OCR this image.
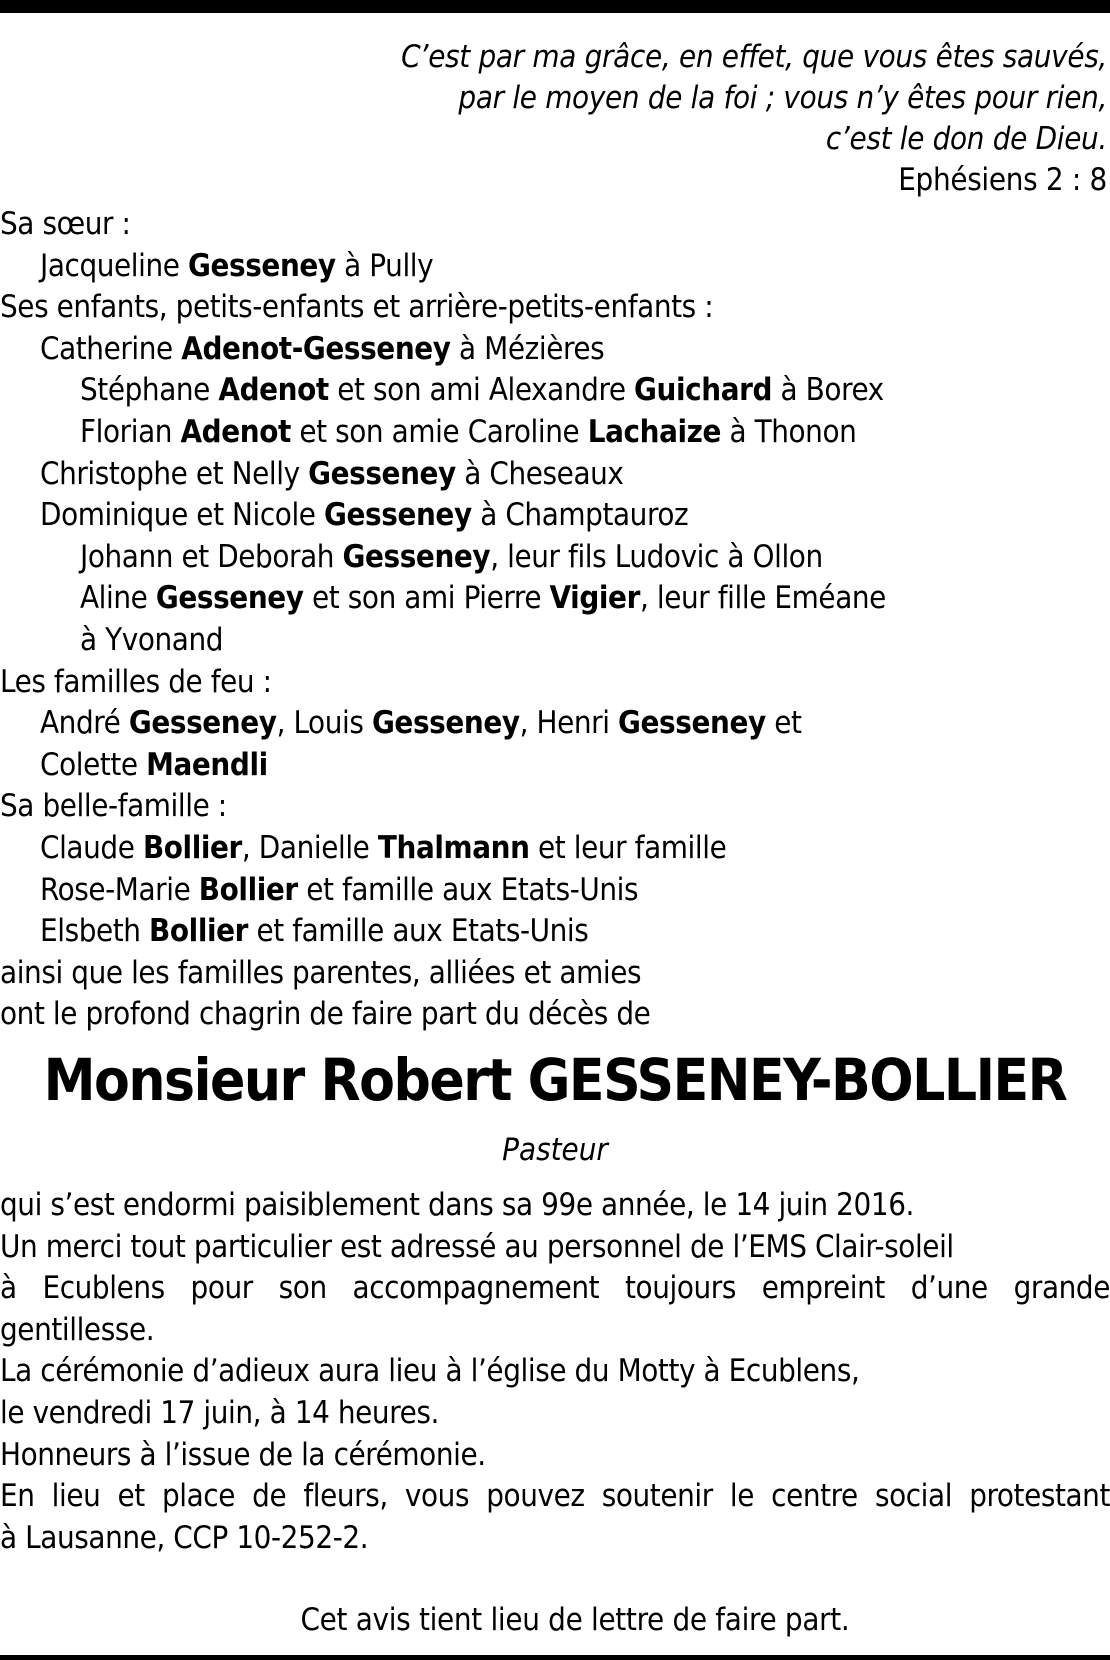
C’est par ma grâce, en effet, que vous êtes sauvés,
par le moyen de la foi ; vous n’y êtes pour rien,
c’est le don de Dieu.
Ephésiens 2 : 8
Sa sœur :
Jacqueline Gesseney à Pully
Ses enfants, petits-enfants et arrière-petits-enfants :
Catherine Adenot-Gesseney à Mézières
Stéphane Adenot et son ami Alexandre Guichard à Borex
Florian Adenot et son amie Caroline Lachaize à Thonon
Christophe et Nelly Gesseney à Cheseaux
Dominique et Nicole Gesseney à Champtauroz
Johann et Deborah Gesseney, leur fils Ludovic à Ollon
Aline Gesseney et son ami Pierre Vigier, leur fille Eméane
à Yvonand
Les familles de feu :
André Gesseney, Louis Gesseney, Henri Gesseney et
Colette Maendli
Sa belle-famille :
Claude Bollier, Danielle Thalmann et leur famille
Rose-Marie Bollier et famille aux Etats-Unis
Elsbeth Bollier et famille aux Etats-Unis
ainsi que les familles parentes, alliées et amies
ont le profond chagrin de faire part du décès de
Monsieur Robert GESSENEY-BOLLIER
Pasteur
qui s’est endormi paisiblement dans sa 99e année, le 14 juin 2016.
Un merci tout particulier est adressé au personnel de l’EMS Clair-soleil
à Ecublens pour son accompagnement toujours empreint d’une grande
gentillesse.
La cérémonie d’adieux aura lieu à l’église du Motty à Ecublens,
le vendredi 17 juin, à 14 heures.
Honneurs à l’issue de la cérémonie.
En lieu et place de fleurs, vous pouvez soutenir le centre social protestant
à Lausanne, CCP 10-252-2.
Cet avis tient lieu de lettre de faire part.
